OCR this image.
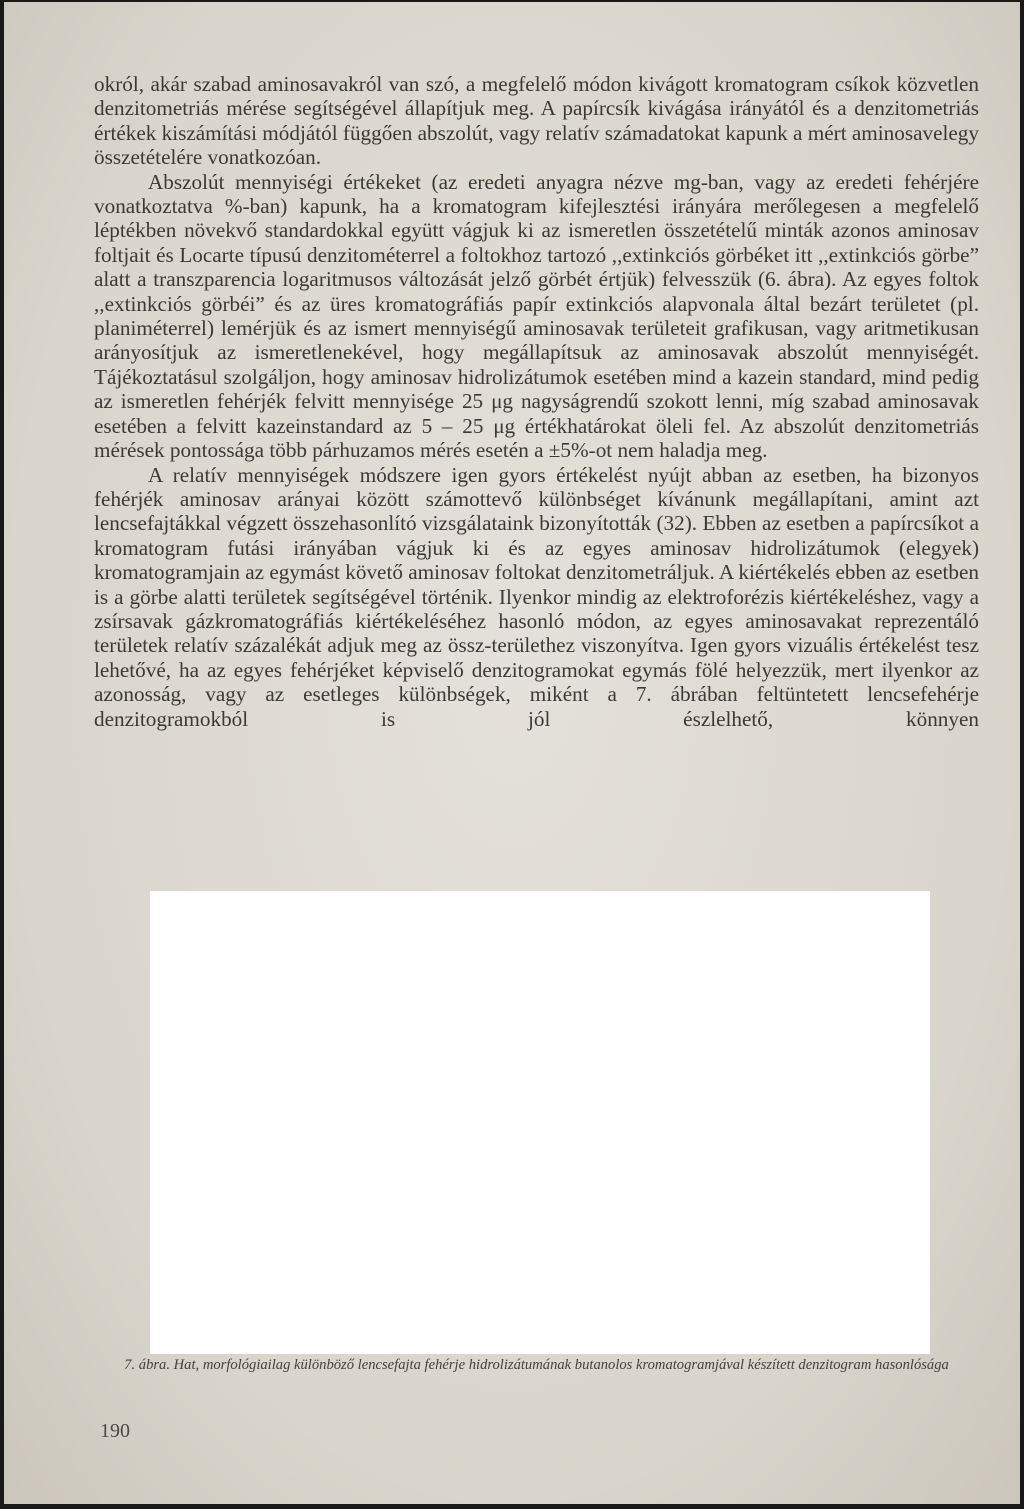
okról, akár szabad aminosavakról van szó, a megfelelő módon kivágott kromatogram csíkok közvetlen denzitometriás mérése segítségével állapítjuk meg. A papírcsík kivágása irányától és a denzitometriás értékek kiszámítási módjától függően abszolút, vagy relatív számadatokat kapunk a mért aminosavelegy összetételére vonatkozóan.

Abszolút mennyiségi értékeket (az eredeti anyagra nézve mg-ban, vagy az eredeti fehérjére vonatkoztatva %-ban) kapunk, ha a kromatogram kifejlesztési irányára merőlegesen a megfelelő léptékben növekvő standardokkal együtt vágjuk ki az ismeretlen összetételű minták azonos aminosav foltjait és Locarte típusú denzitométerrel a foltokhoz tartozó ,,extinkciós görbéket itt ,,extinkciós görbe” alatt a transzparencia logaritmusos változását jelző görbét értjük) felvesszük (6. ábra). Az egyes foltok ,,extinkciós görbéi” és az üres kromatográfiás papír extinkciós alapvonala által bezárt területet (pl. planiméterrel) lemérjük és az ismert mennyiségű aminosavak területeit grafikusan, vagy aritmetikusan arányosítjuk az ismeretlenekével, hogy megállapítsuk az aminosavak abszolút mennyiségét. Tájékoztatásul szolgáljon, hogy aminosav hidrolizátumok esetében mind a kazein standard, mind pedig az ismeretlen fehérjék felvitt mennyisége 25 μg nagyságrendű szokott lenni, míg szabad aminosavak esetében a felvitt kazeinstandard az 5 – 25 μg értékhatárokat öleli fel. Az abszolút denzitometriás mérések pontossága több párhuzamos mérés esetén a ±5%-ot nem haladja meg.

A relatív mennyiségek módszere igen gyors értékelést nyújt abban az esetben, ha bizonyos fehérjék aminosav arányai között számottevő különbséget kívánunk megállapítani, amint azt lencsefajtákkal végzett összehasonlító vizsgálataink bizonyították (32). Ebben az esetben a papírcsíkot a kromatogram futási irányában vágjuk ki és az egyes aminosav hidrolizátumok (elegyek) kromatogramjain az egymást követő aminosav foltokat denzitometráljuk. A kiértékelés ebben az esetben is a görbe alatti területek segítségével történik. Ilyenkor mindig az elektroforézis kiértékeléshez, vagy a zsírsavak gázkromatográfiás kiértékeléséhez hasonló módon, az egyes aminosavakat reprezentáló területek relatív százalékát adjuk meg az össz-területhez viszonyítva. Igen gyors vizuális értékelést tesz lehetővé, ha az egyes fehérjéket képviselő denzitogramokat egymás fölé helyezzük, mert ilyenkor az azonosság, vagy az esetleges különbségek, miként a 7. ábrában feltüntetett lencsefehérje denzitogramokból is jól észlelhető, könnyen

7. ábra. Hat, morfológiailag különböző lencsefajta fehérje hidrolizátumának butanolos kromatogramjával készített denzitogram hasonlósága
190
